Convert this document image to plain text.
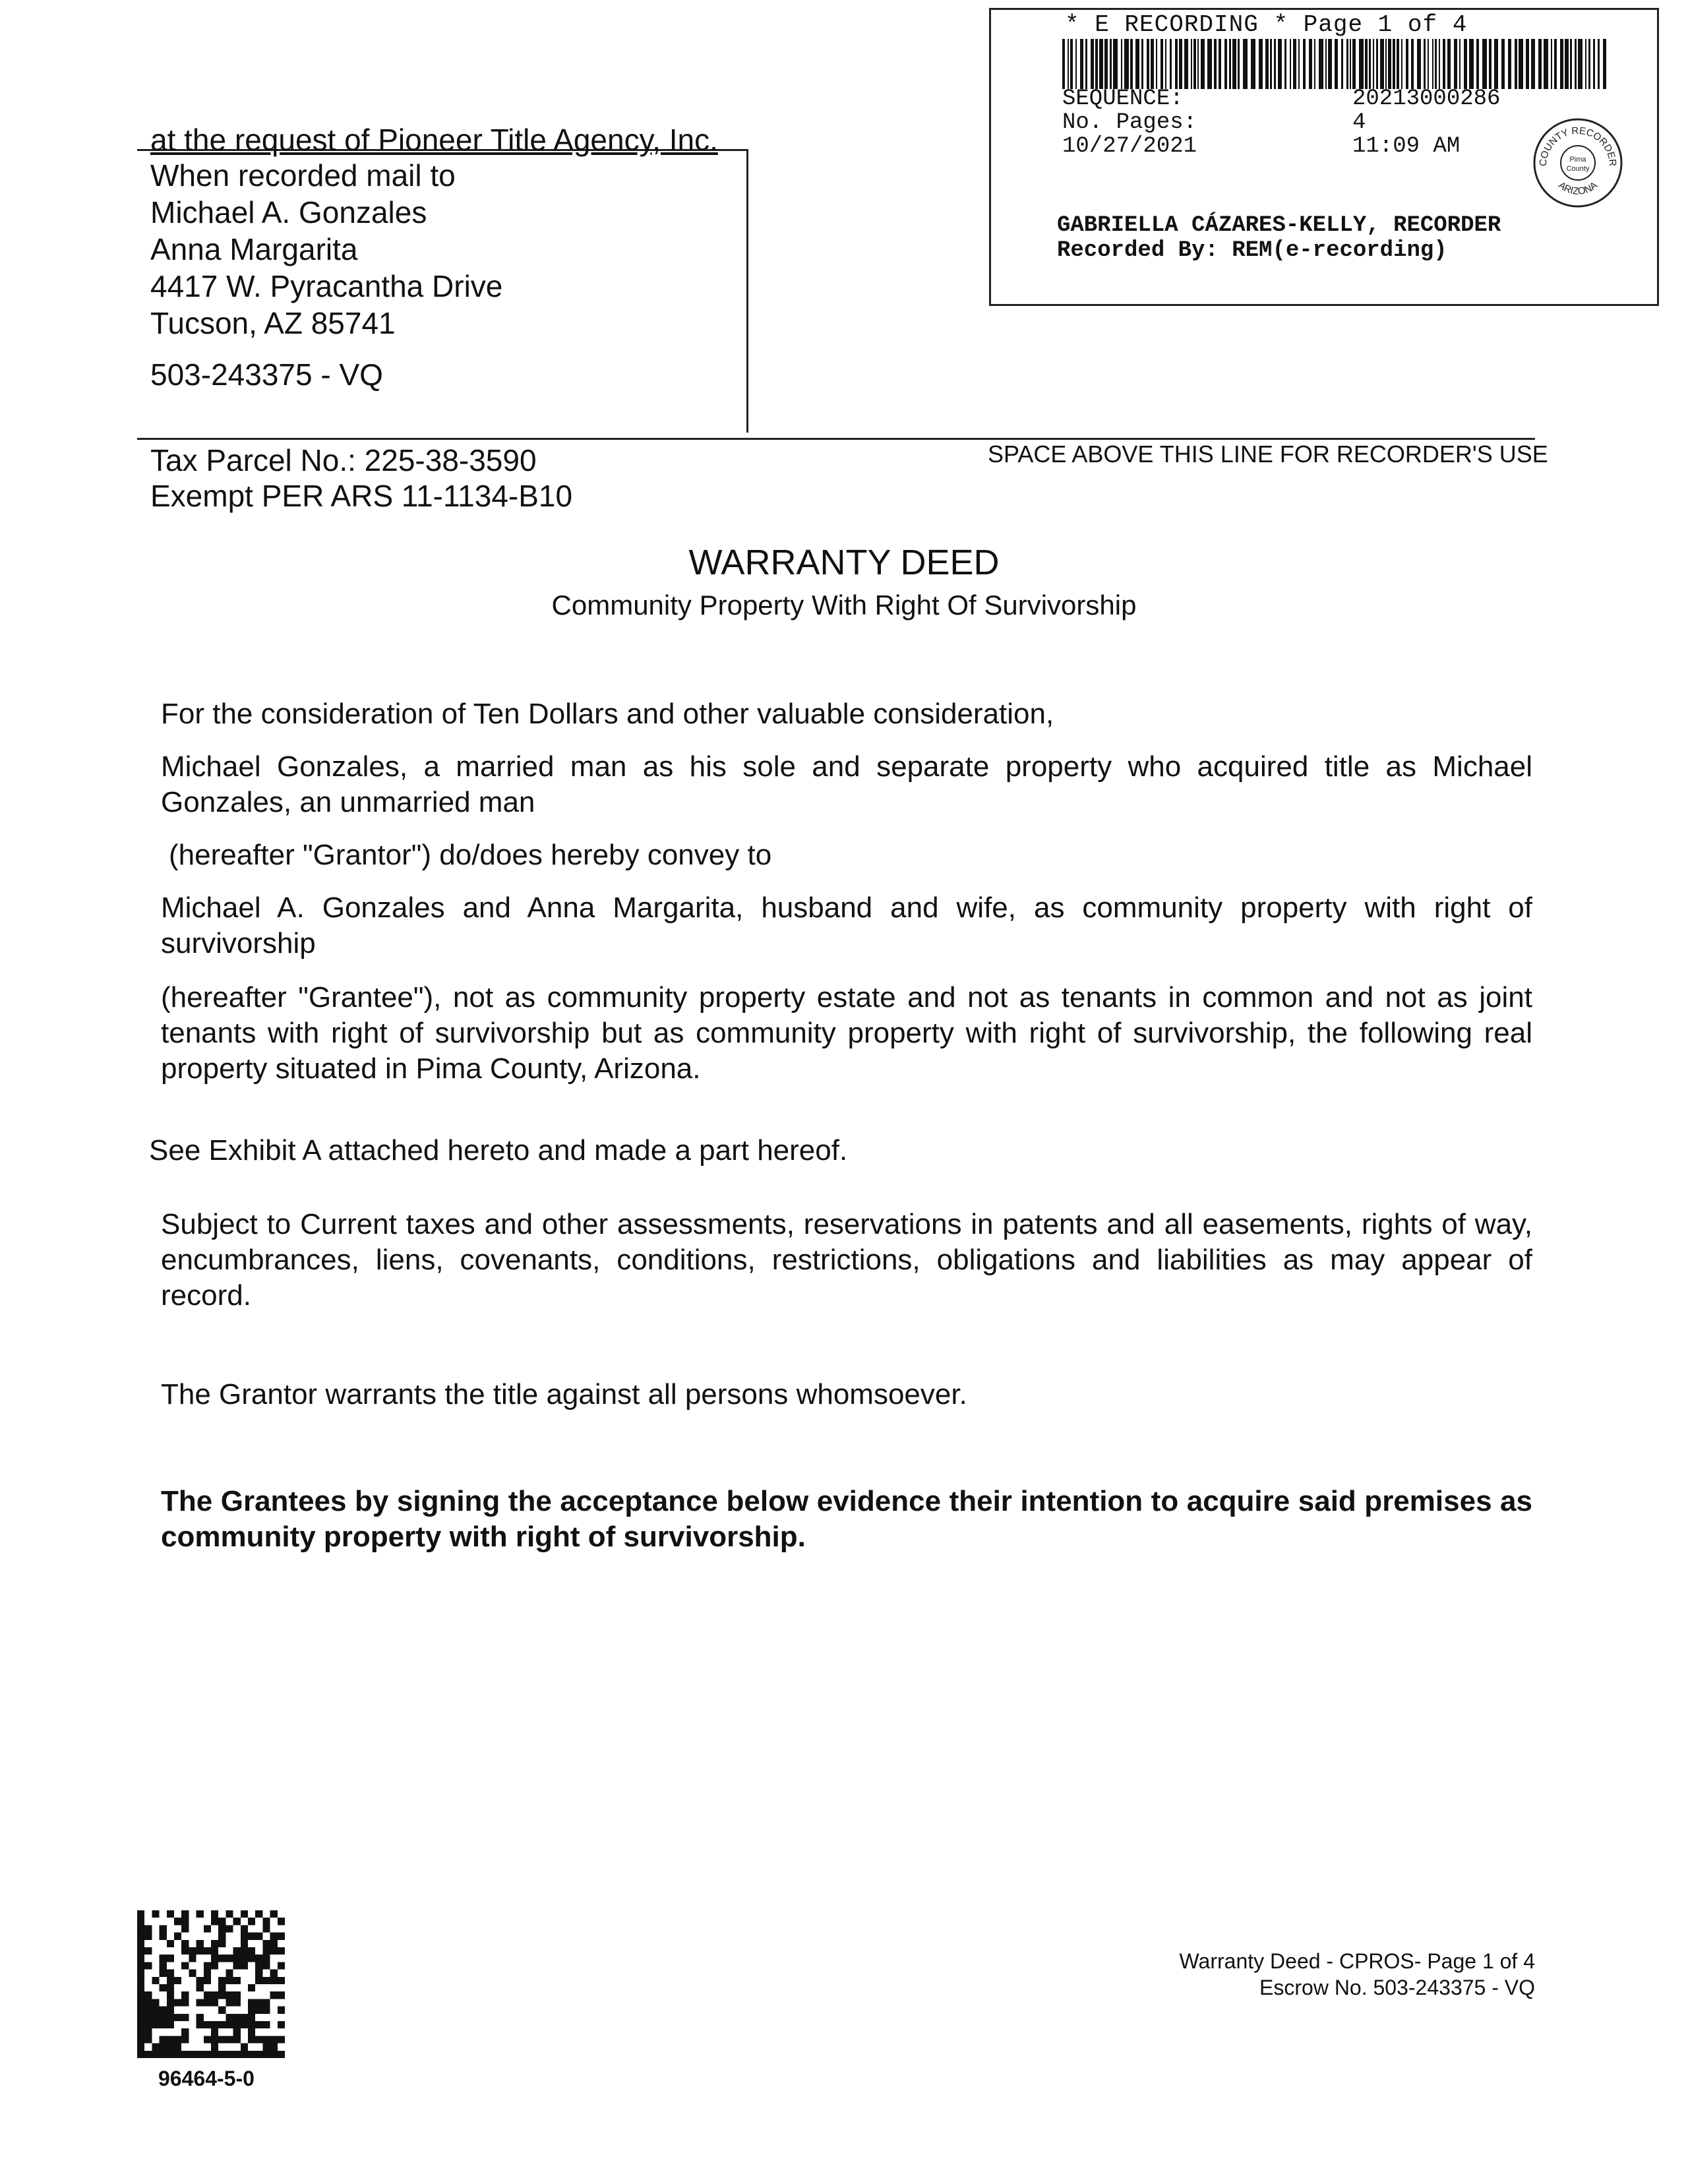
* E RECORDING * Page 1 of 4
SEQUENCE:	20213000286
No. Pages:	4
10/27/2021	11:09 AM
GABRIELLA CÁZARES-KELLY, RECORDER
Recorded By: REM(e-recording)
COUNTY RECORDER
ARIZONA
Pima
County
at the request of Pioneer Title Agency, Inc.
When recorded mail to
Michael A. Gonzales
Anna Margarita
4417 W. Pyracantha Drive
Tucson, AZ 85741
503-243375 - VQ
Tax Parcel No.: 225-38-3590
Exempt PER ARS 11-1134-B10
SPACE ABOVE THIS LINE FOR RECORDER'S USE
WARRANTY DEED
Community Property With Right Of Survivorship
For the consideration of Ten Dollars and other valuable consideration,
Michael Gonzales, a married man as his sole and separate property who acquired title as Michael Gonzales, an unmarried man
(hereafter "Grantor") do/does hereby convey to
Michael A. Gonzales and Anna Margarita, husband and wife, as community property with right of survivorship
(hereafter "Grantee"), not as community property estate and not as tenants in common and not as joint tenants with right of survivorship but as community property with right of survivorship, the following real property situated in Pima County, Arizona.
See Exhibit A attached hereto and made a part hereof.
Subject to Current taxes and other assessments, reservations in patents and all easements, rights of way, encumbrances, liens, covenants, conditions, restrictions, obligations and liabilities as may appear of record.
The Grantor warrants the title against all persons whomsoever.
The Grantees by signing the acceptance below evidence their intention to acquire said premises as community property with right of survivorship.
96464-5-0
Warranty Deed - CPROS- Page 1 of 4
Escrow No. 503-243375 - VQ
